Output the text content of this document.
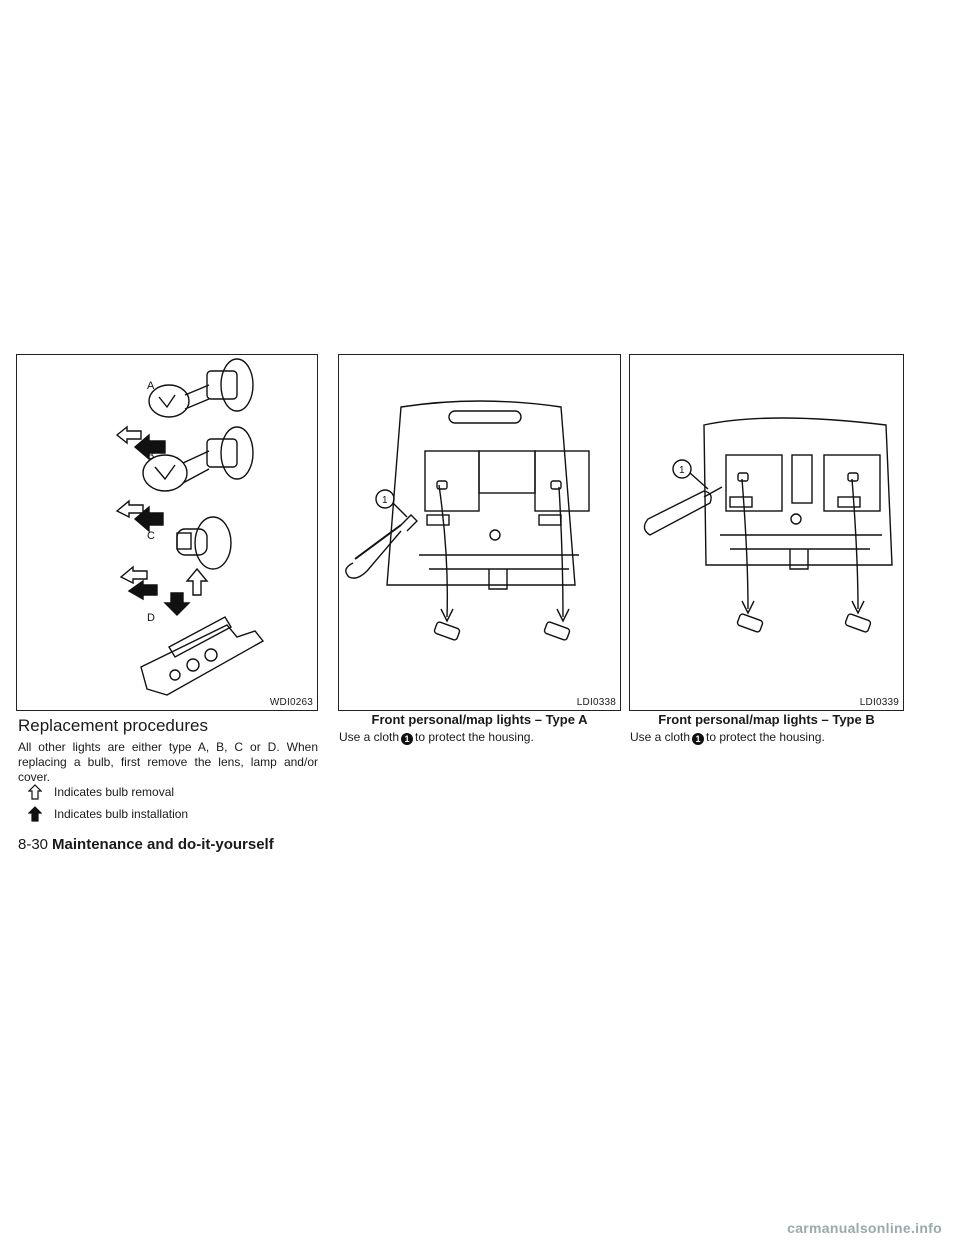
A
B
C
D
WDI0263
1
LDI0338
1
LDI0339
Front personal/map lights – Type A	Front personal/map lights – Type B
Replacement procedures
All other lights are either type A, B, C or D. When replacing a bulb, first remove the lens, lamp and/or cover.
Indicates bulb removal
Indicates bulb installation
Use a cloth 1 to protect the housing.	Use a cloth 1 to protect the housing.
8-30 Maintenance and do-it-yourself
carmanualsonline.info
